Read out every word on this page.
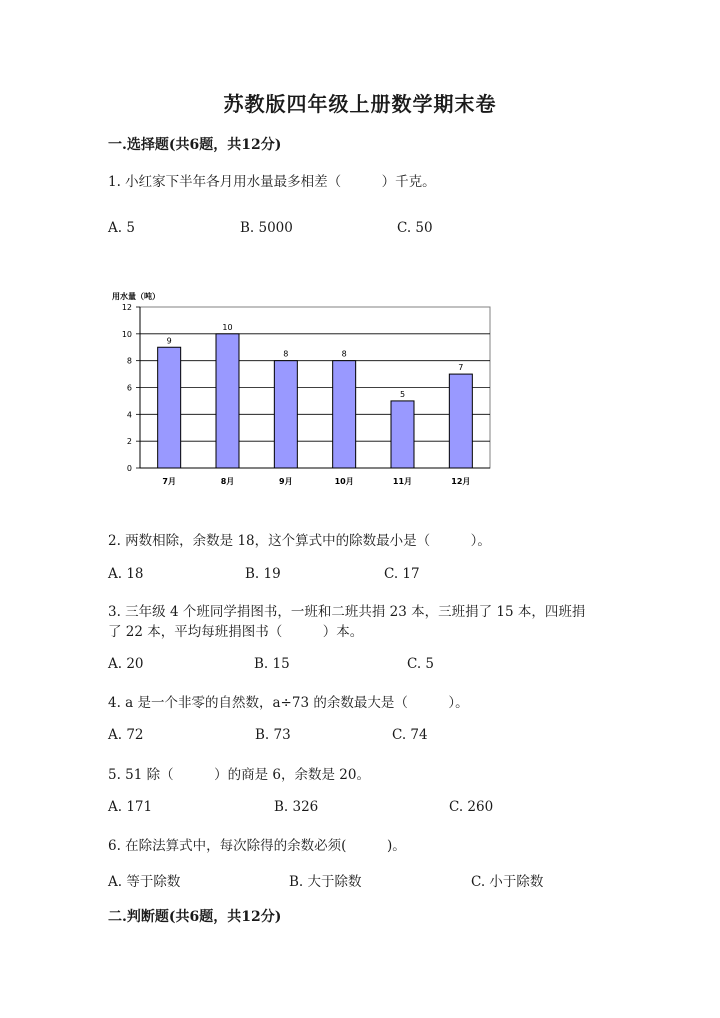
苏教版四年级上册数学期末卷
一.选择题(共6题，共12分)
1. 小红家下半年各月用水量最多相差（　　　）千克。
A. 5	B. 5000	C. 50
用水量（吨）
0
2
4
6
8
10
12
9
7月
10
8月
8
9月
8
10月
5
11月
7
12月
2. 两数相除，余数是 18，这个算式中的除数最小是（　　　）。
A. 18	B. 19	C. 17
3. 三年级 4 个班同学捐图书，一班和二班共捐 23 本，三班捐了 15 本，四班捐
了 22 本，平均每班捐图书（　　　）本。
A. 20	B. 15	C. 5
4. a 是一个非零的自然数，a÷73 的余数最大是（　　　）。
A. 72	B. 73	C. 74
5. 51 除（　　　）的商是 6，余数是 20。
A. 171	B. 326	C. 260
6. 在除法算式中，每次除得的余数必须(　　　)。
A. 等于除数	B. 大于除数	C. 小于除数
二.判断题(共6题，共12分)
